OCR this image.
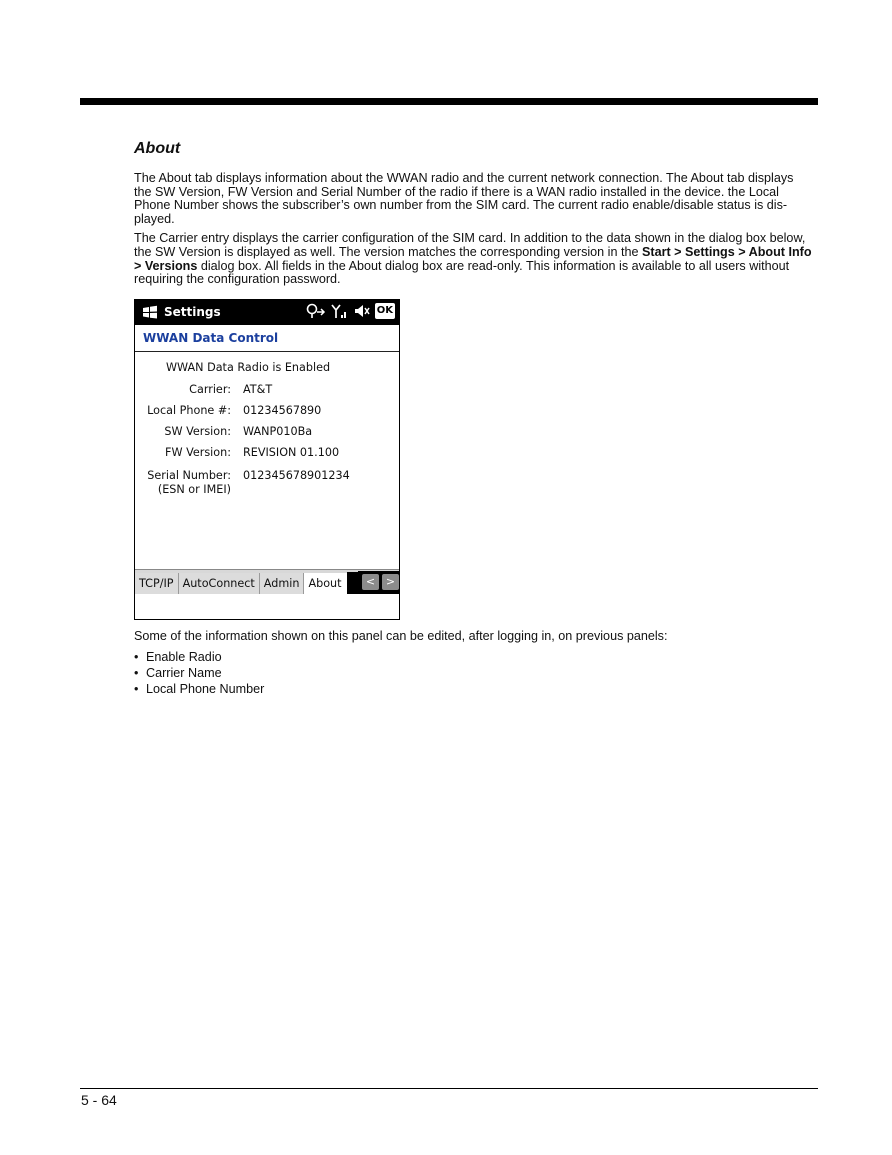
About

The About tab displays information about the WWAN radio and the current network connection. The About tab displays the SW Version, FW Version and Serial Number of the radio if there is a WAN radio installed in the device. the Local Phone Number shows the subscriber’s own number from the SIM card. The current radio enable/disable status is dis-played.

The Carrier entry displays the carrier configuration of the SIM card. In addition to the data shown in the dialog box below, the SW Version is displayed as well. The version matches the corresponding version in the Start > Settings > About Info > Versions dialog box. All fields in the About dialog box are read-only. This information is available to all users without requiring the configuration password.

Settings	OK
WWAN Data Control
WWAN Data Radio is Enabled
Carrier: AT&T
Local Phone #: 01234567890
SW Version: WANP010Ba
FW Version: REVISION 01.100
Serial Number:
(ESN or IMEI)
012345678901234
TCP/IP AutoConnect Admin About	< >

Some of the information shown on this panel can be edited, after logging in, on previous panels:

• Enable Radio
• Carrier Name
• Local Phone Number
5 - 64
